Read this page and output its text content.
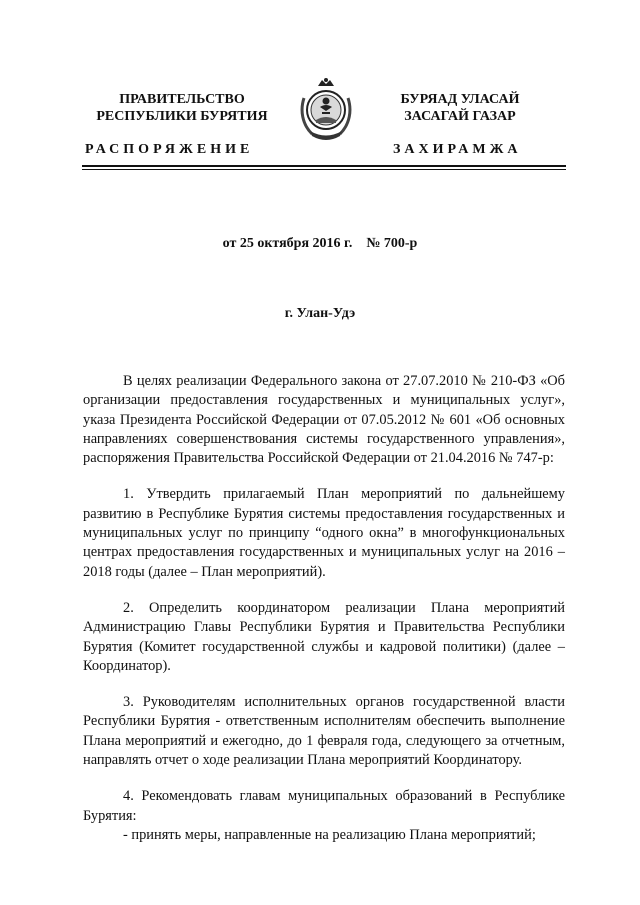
ПРАВИТЕЛЬСТВО
РЕСПУБЛИКИ БУРЯТИЯ
БУРЯАД УЛАСАЙ
ЗАСАГАЙ ГАЗАР
РАСПОРЯЖЕНИЕ	ЗАХИРАМЖА
от 25 октября 2016 г.    № 700-р
г. Улан-Удэ

В целях реализации Федерального закона от 27.07.2010 № 210-ФЗ «Об организации предоставления государственных и муниципальных услуг», указа Президента Российской Федерации от 07.05.2012 № 601 «Об основных направлениях совершенствования системы государственного управления», распоряжения Правительства Российской Федерации от 21.04.2016 № 747-р:

1. Утвердить прилагаемый План мероприятий по дальнейшему развитию в Республике Бурятия системы предоставления государственных и муниципальных услуг по принципу “одного окна” в многофункциональных центрах предоставления государственных и муниципальных услуг на 2016 – 2018 годы (далее – План мероприятий).

2. Определить координатором реализации Плана мероприятий Администрацию Главы Республики Бурятия и Правительства Республики Бурятия (Комитет государственной службы и кадровой политики) (далее – Координатор).

3. Руководителям исполнительных органов государственной власти Республики Бурятия - ответственным исполнителям обеспечить выполнение Плана мероприятий и ежегодно, до 1 февраля года, следующего за отчетным, направлять отчет о ходе реализации Плана мероприятий Координатору.

4. Рекомендовать главам муниципальных образований в Республике Бурятия:

- принять меры, направленные на реализацию Плана мероприятий;
